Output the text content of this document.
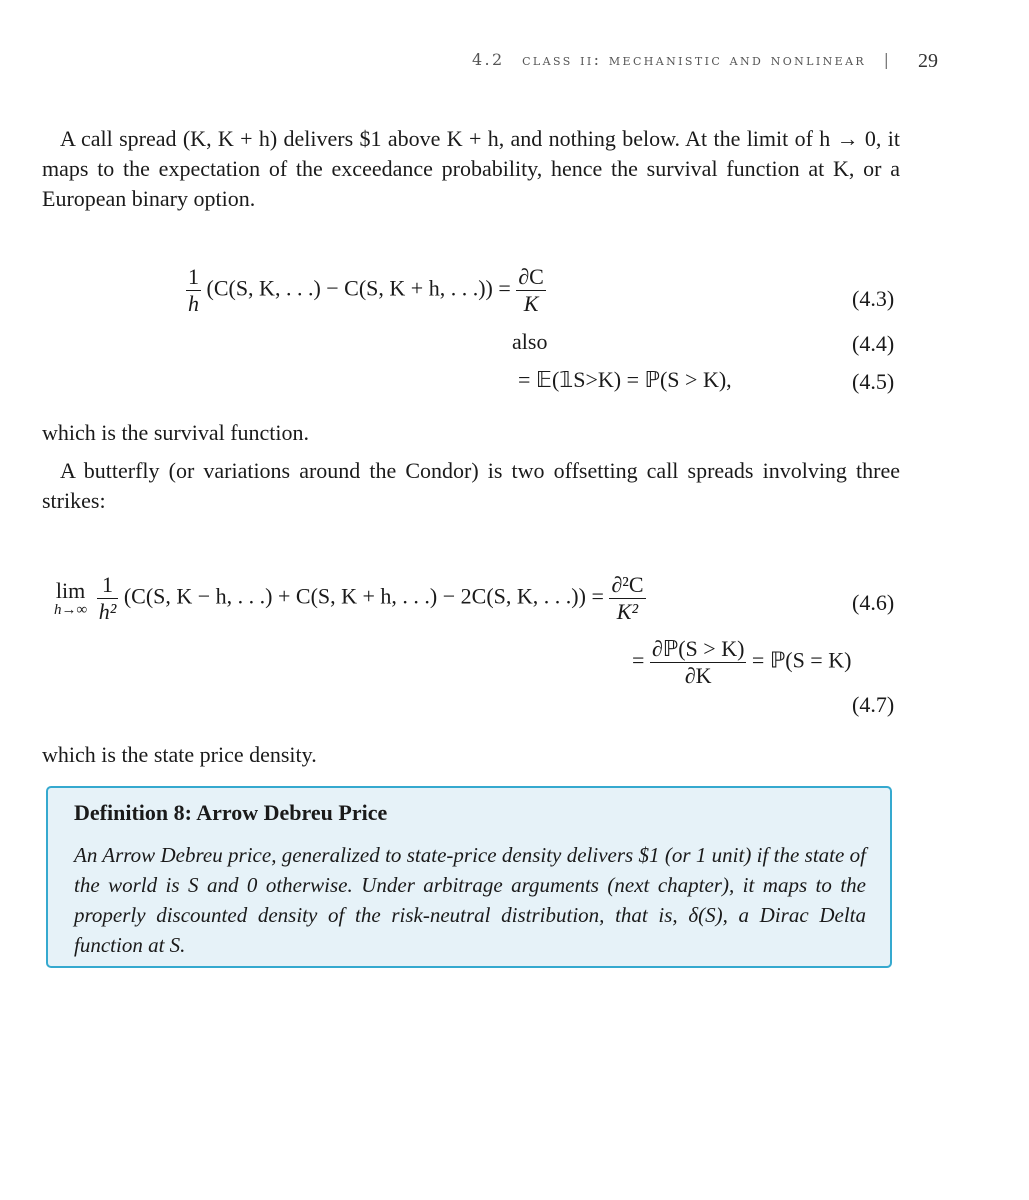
4.2 class ii: mechanistic and nonlinear |	29
A call spread (K, K + h) delivers $1 above K + h, and nothing below. At the limit of h → 0, it maps to the expectation of the exceedance probability, hence the survival function at K, or a European binary option.
$\frac{1}{h} (C(S$, K, . . .) − C(S, K + h, . . .)) = $\frac{\partial C}{K}$	(4.3)
also	(4.4)
= 𝔼(𝟙S>K) = ℙ(S > K),	(4.5)
which is the survival function.
A butterfly (or variations around the Condor) is two offsetting call spreads involving three strikes:
lim
h→∞
$\frac{1}{\text{h²}} (C(S$, K − h, . . .) + C(S, K + h, . . .) − 2C(S, K, . . .)) = $\frac{\text{∂²C}}{\text{K²}}$	(4.6)
= $\frac{\text{∂ℙ(S > K)}}{\partial K}$ = ℙ(S = K)
(4.7)
which is the state price density.
Definition 8: Arrow Debreu Price
An Arrow Debreu price, generalized to state-price density delivers $1 (or 1 unit) if the state of the world is S and 0 otherwise. Under arbitrage arguments (next chapter), it maps to the properly discounted density of the risk-neutral distribution, that is, δ(S), a Dirac Delta function at S.
